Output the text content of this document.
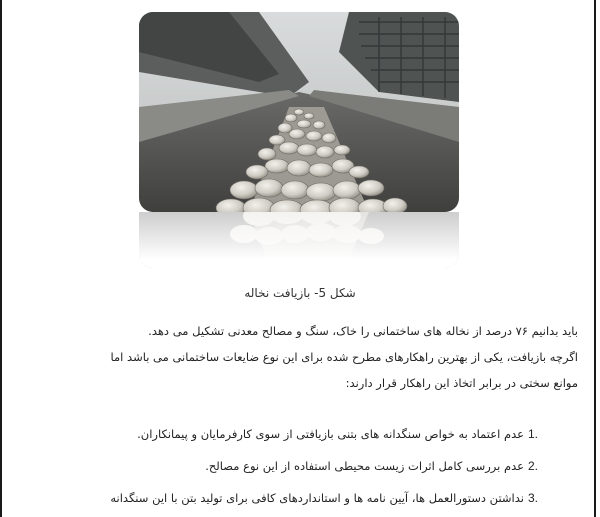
شکل 5- بازیافت نخاله
باید بدانیم ۷۶ درصد از نخاله های ساختمانی را خاک، سنگ و مصالح معدنی تشکیل می دهد.
اگرچه بازیافت، یکی از بهترین راهکارهای مطرح شده برای این نوع ضایعات ساختمانی می باشد اما
موانع سختی در برابر اتخاذ این راهکار قرار دارند:
1.عدم اعتماد به خواص سنگدانه های بتنی بازیافتی از سوی کارفرمایان و پیمانکاران.
2.عدم بررسی کامل اثرات زیست محیطی استفاده از این نوع مصالح.
3.نداشتن دستورالعمل ها، آیین نامه ها و استانداردهای کافی برای تولید بتن با این سنگدانه
